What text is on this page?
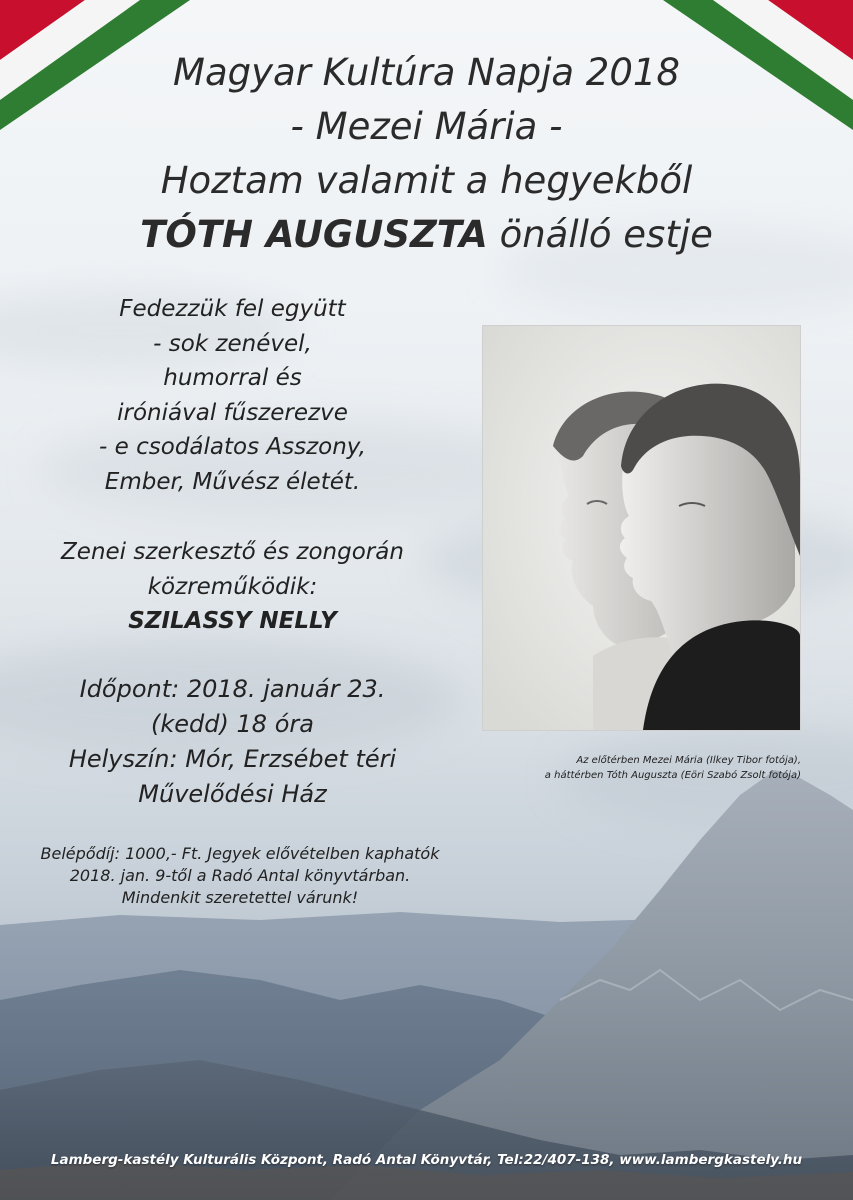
Magyar Kultúra Napja 2018

- Mezei Mária -

Hoztam valamit a hegyekből

TÓTH AUGUSZTA önálló estje

Fedezzük fel együtt
- sok zenével,
humorral és
iróniával fűszerezve
- e csodálatos Asszony,
Ember, Művész életét.

Zenei szerkesztő és zongorán
közreműködik:
SZILASSY NELLY

Időpont: 2018. január 23.
(kedd) 18 óra
Helyszín: Mór, Erzsébet téri
Művelődési Ház

Belépődíj: 1000,- Ft. Jegyek elővételben kaphatók
2018. jan. 9-től a Radó Antal könyvtárban.
Mindenkit szeretettel várunk!

Az előtérben Mezei Mária (Ilkey Tibor fotója),
a háttérben Tóth Auguszta (Eöri Szabó Zsolt fotója)

Lamberg-kastély Kulturális Központ, Radó Antal Könyvtár, Tel:22/407-138, www.lambergkastely.hu
